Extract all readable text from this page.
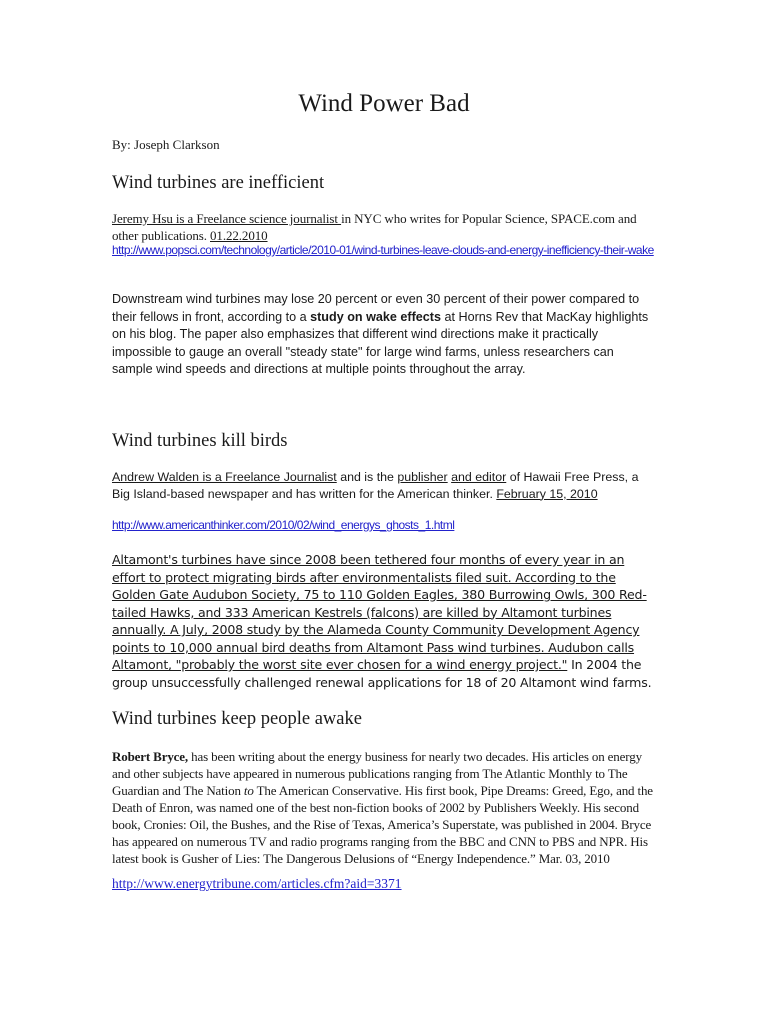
Wind Power Bad

By: Joseph Clarkson

Wind turbines are inefficient

Jeremy Hsu is a Freelance science journalist in NYC who writes for Popular Science, SPACE.com and other publications. 01.22.2010

http://www.popsci.com/technology/article/2010-01/wind-turbines-leave-clouds-and-energy-inefficiency-their-wake

Downstream wind turbines may lose 20 percent or even 30 percent of their power compared to their fellows in front, according to a study on wake effects at Horns Rev that MacKay highlights on his blog. The paper also emphasizes that different wind directions make it practically impossible to gauge an overall "steady state" for large wind farms, unless researchers can sample wind speeds and directions at multiple points throughout the array.

Wind turbines kill birds

Andrew Walden is a Freelance Journalist and is the publisher and editor of Hawaii Free Press, a Big Island-based newspaper and has written for the American thinker. February 15, 2010

http://www.americanthinker.com/2010/02/wind_energys_ghosts_1.html

Altamont's turbines have since 2008 been tethered four months of every year in an effort to protect migrating birds after environmentalists filed suit. According to the Golden Gate Audubon Society, 75 to 110 Golden Eagles, 380 Burrowing Owls, 300 Red-tailed Hawks, and 333 American Kestrels (falcons) are killed by Altamont turbines annually. A July, 2008 study by the Alameda County Community Development Agency points to 10,000 annual bird deaths from Altamont Pass wind turbines. Audubon calls Altamont, "probably the worst site ever chosen for a wind energy project." In 2004 the group unsuccessfully challenged renewal applications for 18 of 20 Altamont wind farms.

Wind turbines keep people awake

Robert Bryce, has been writing about the energy business for nearly two decades. His articles on energy and other subjects have appeared in numerous publications ranging from The Atlantic Monthly to The Guardian and The Nation to The American Conservative. His first book, Pipe Dreams: Greed, Ego, and the Death of Enron, was named one of the best non-fiction books of 2002 by Publishers Weekly. His second book, Cronies: Oil, the Bushes, and the Rise of Texas, America’s Superstate, was published in 2004. Bryce has appeared on numerous TV and radio programs ranging from the BBC and CNN to PBS and NPR. His latest book is Gusher of Lies: The Dangerous Delusions of “Energy Independence.” Mar. 03, 2010

http://www.energytribune.com/articles.cfm?aid=3371
